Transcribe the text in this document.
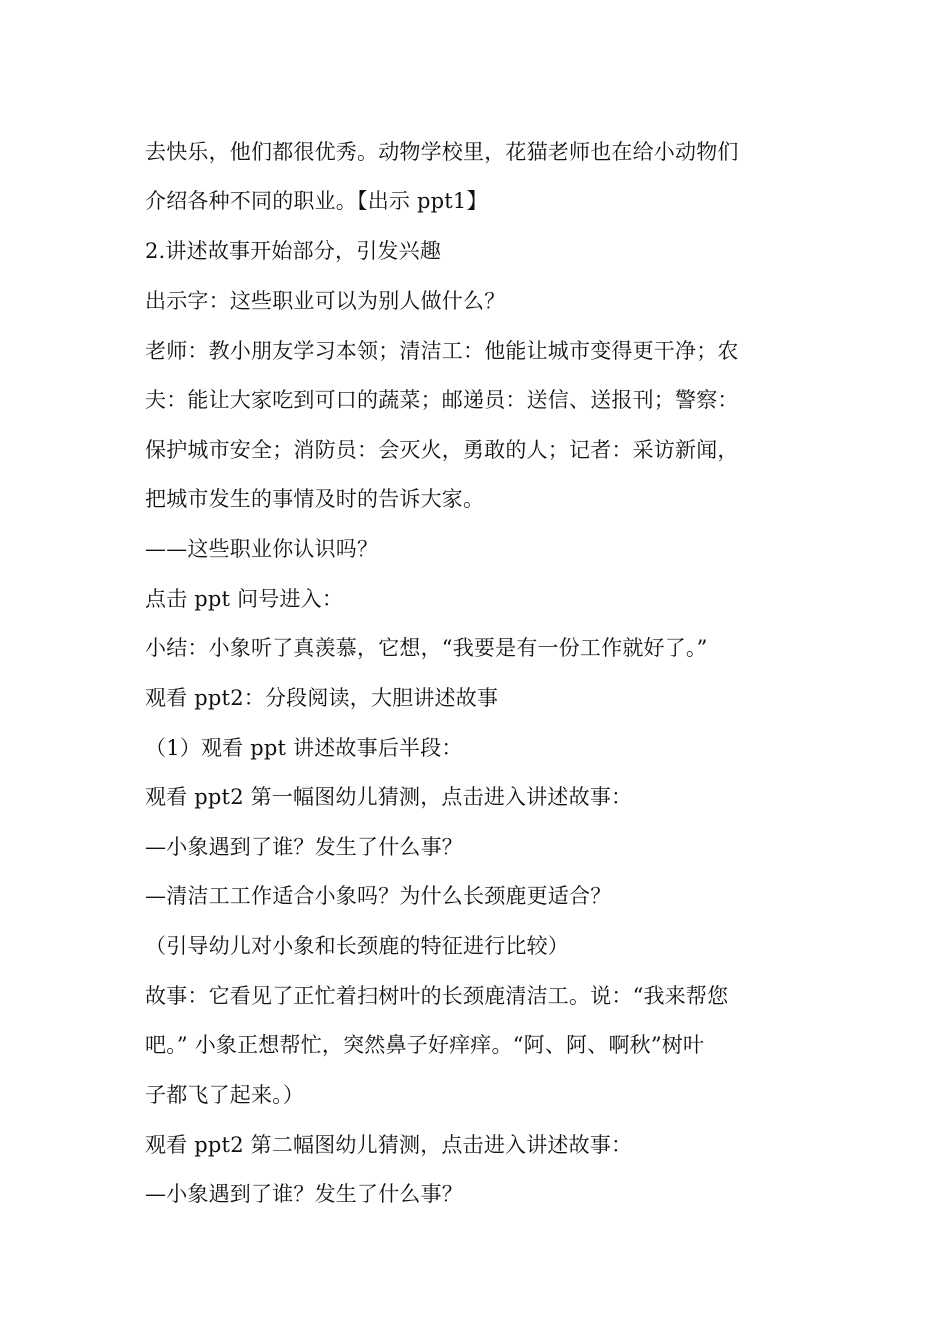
去快乐，他们都很优秀。动物学校里，花猫老师也在给小动物们
介绍各种不同的职业。【出示 ppt1】
2.讲述故事开始部分，引发兴趣
出示字：这些职业可以为别人做什么？
老师：教小朋友学习本领；清洁工：他能让城市变得更干净；农
夫：能让大家吃到可口的蔬菜；邮递员：送信、送报刊；警察：
保护城市安全；消防员：会灭火，勇敢的人；记者：采访新闻，
把城市发生的事情及时的告诉大家。
——这些职业你认识吗？
点击 ppt 问号进入：
小结：小象听了真羡慕，它想，“我要是有一份工作就好了。”
观看 ppt2：分段阅读，大胆讲述故事
（1）观看 ppt 讲述故事后半段：
观看 ppt2 第一幅图幼儿猜测，点击进入讲述故事：
—小象遇到了谁？发生了什么事？
—清洁工工作适合小象吗？为什么长颈鹿更适合？
（引导幼儿对小象和长颈鹿的特征进行比较）
故事：它看见了正忙着扫树叶的长颈鹿清洁工。说：“我来帮您
吧。” 小象正想帮忙，突然鼻子好痒痒。“阿、阿、啊秋”树叶
子都飞了起来。）
观看 ppt2 第二幅图幼儿猜测，点击进入讲述故事：
—小象遇到了谁？发生了什么事？
